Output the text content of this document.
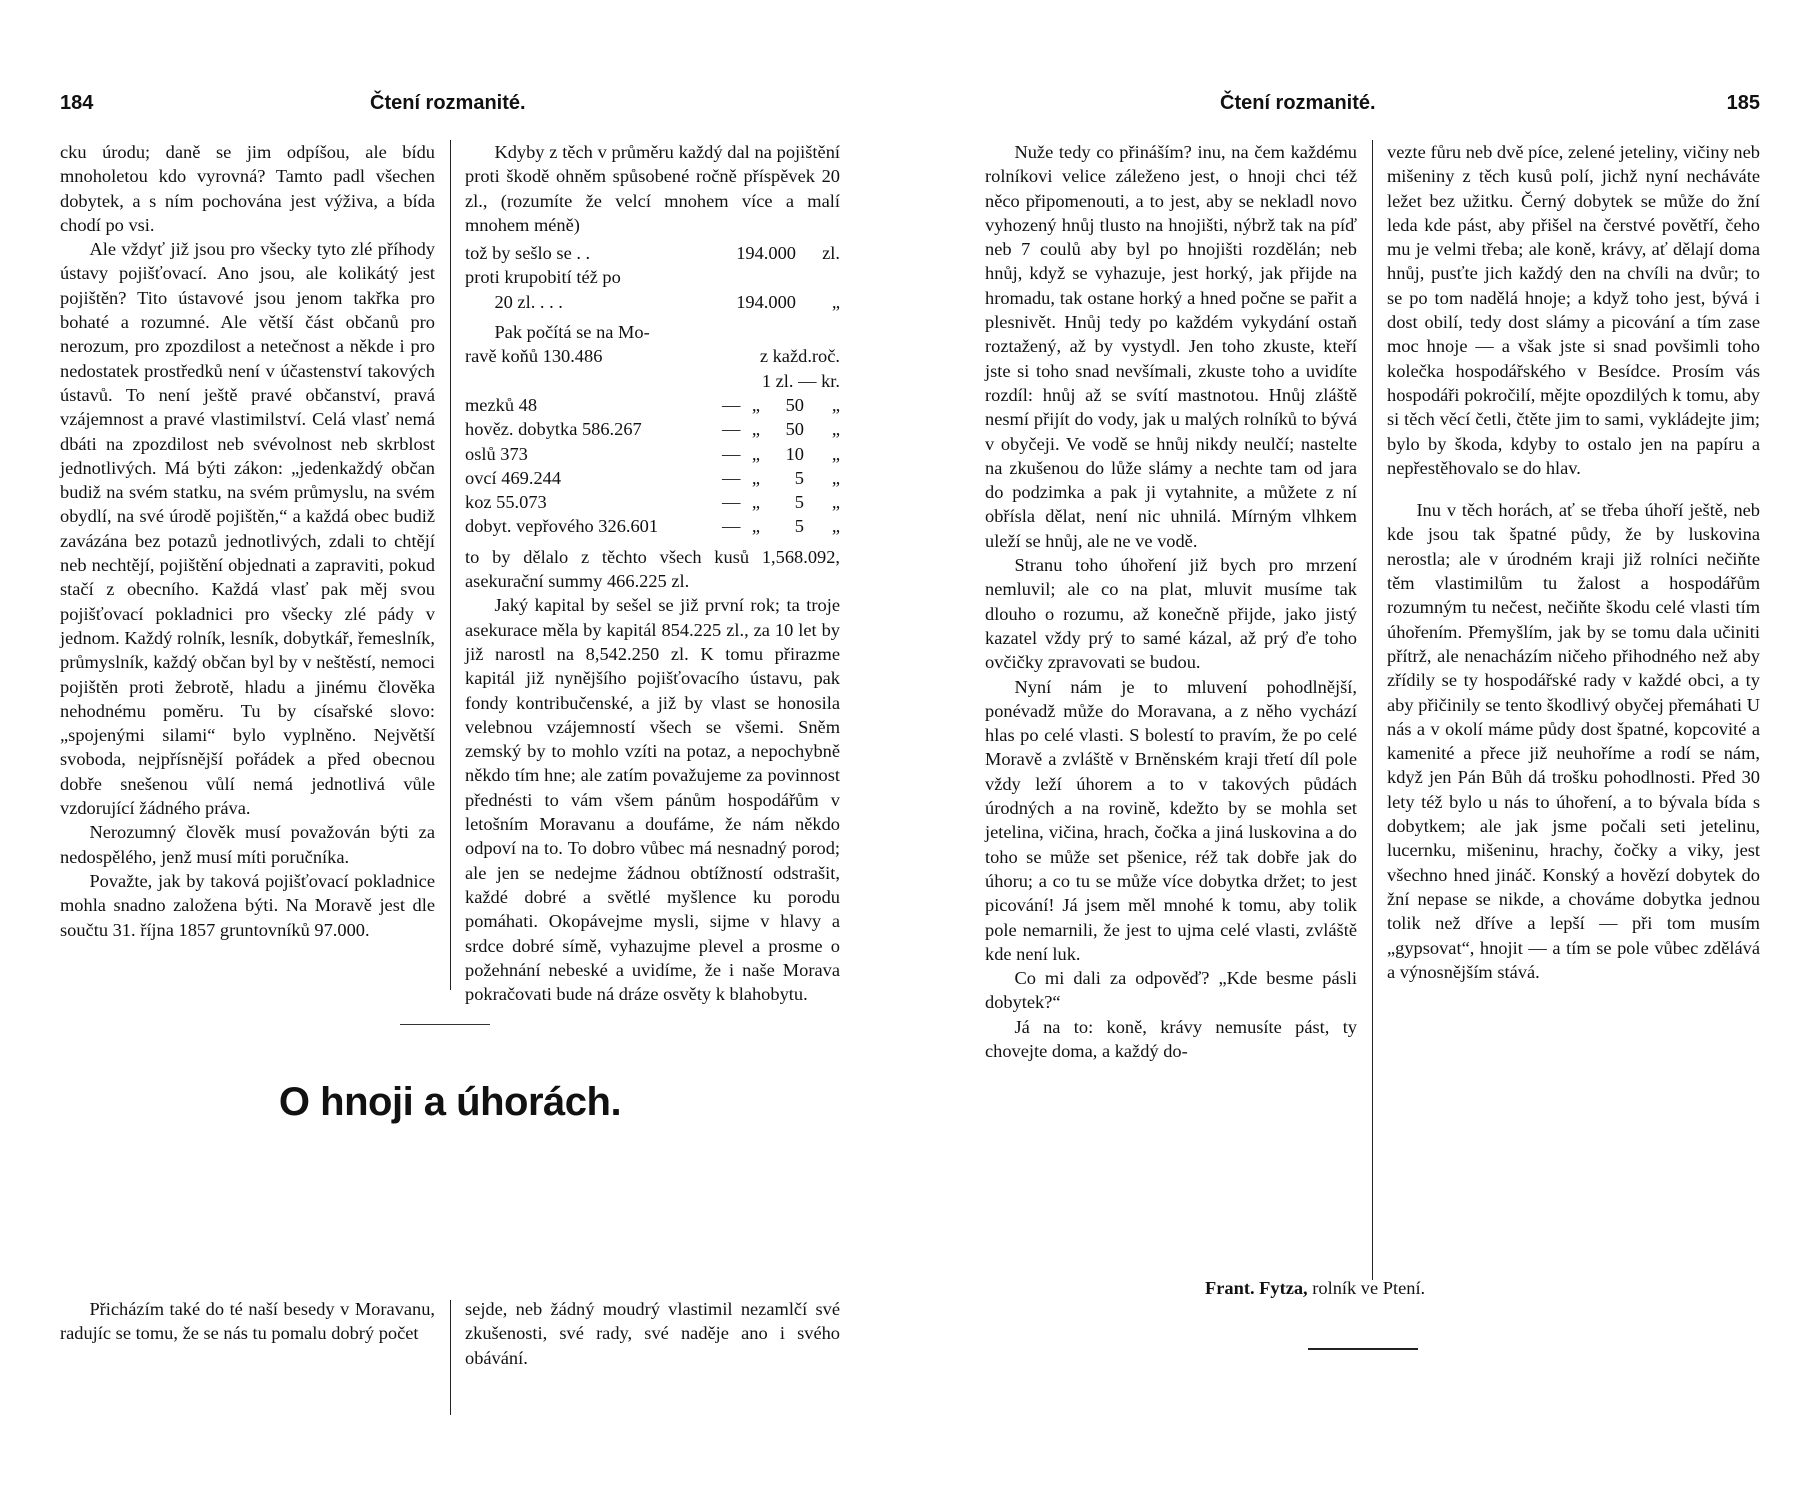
184	Čtení rozmanité.

cku úrodu; daně se jim odpíšou, ale bídu mnoholetou kdo vyrovná? Tamto padl všechen dobytek, a s ním pochována jest výživa, a bída chodí po vsi.

Ale vždyť již jsou pro všecky tyto zlé příhody ústavy pojišťovací. Ano jsou, ale kolikátý jest pojištěn? Tito ústavové jsou jenom takřka pro bohaté a rozumné. Ale větší část občanů pro nerozum, pro zpozdilost a netečnost a někde i pro nedostatek prostředků není v účastenství takových ústavů. To není ještě pravé občanství, pravá vzájemnost a pravé vlastimilství. Celá vlasť nemá dbáti na zpozdilost neb svévolnost neb skrblost jednotlivých. Má býti zákon: „jedenkaždý občan budiž na svém statku, na svém průmyslu, na svém obydlí, na své úrodě pojištěn,“ a každá obec budiž zavázána bez potazů jednotlivých, zdali to chtějí neb nechtějí, pojištění objednati a zapraviti, pokud stačí z obecního. Každá vlasť pak měj svou pojišťovací pokladnici pro všecky zlé pády v jednom. Každý rolník, lesník, dobytkář, řemeslník, průmyslník, každý občan byl by v neštěstí, nemoci pojištěn proti žebrotě, hladu a jinému člověka nehodnému poměru. Tu by císařské slovo: „spojenými silami“ bylo vyplněno. Největší svoboda, nejpřísnější pořádek a před obecnou dobře snešenou vůlí nemá jednotlivá vůle vzdorující žádného práva.

Nerozumný člověk musí považován býti za nedospělého, jenž musí míti poručníka.

Považte, jak by taková pojišťovací pokladnice mohla snadno založena býti. Na Moravě jest dle součtu 31. října 1857 gruntovníků 97.000.

Kdyby z těch v průměru každý dal na pojištění proti škodě ohněm spůsobené ročně příspěvek 20 zl., (rozumíte že velcí mnohem více a malí mnohem méně)

tož by sešlo se . .	194.000	zl.
proti krupobití též po
20 zl. . . .	194.000	„
Pak počítá se na Mo-
ravě koňů 130.486	z každ.roč.
1 zl. — kr.
mezků 48	— „	50	„
hověz. dobytka 586.267	— „	50	„
oslů 373	— „	10	„
ovcí 469.244	— „	5	„
koz 55.073	— „	5	„
dobyt. vepřového 326.601	— „	5	„

to by dělalo z těchto všech kusů 1,568.092, asekurační summy 466.225 zl.

Jaký kapital by sešel se již první rok; ta troje asekurace měla by kapitál 854.225 zl., za 10 let by již narostl na 8,542.250 zl. K tomu přirazme kapitál již nynějšího pojišťovacího ústavu, pak fondy kontribučenské, a již by vlast se honosila velebnou vzájemností všech se všemi. Sněm zemský by to mohlo vzíti na potaz, a nepochybně někdo tím hne; ale zatím považujeme za povinnost přednésti to vám všem pánům hospodářům v letošním Moravanu a doufáme, že nám někdo odpoví na to. To dobro vůbec má nesnadný porod; ale jen se nedejme žádnou obtížností odstrašit, každé dobré a světlé myšlence ku porodu pomáhati. Okopávejme mysli, sijme v hlavy a srdce dobré símě, vyhazujme plevel a prosme o požehnání nebeské a uvidíme, že i naše Morava pokračovati bude ná dráze osvěty k blahobytu.

O hnoji a úhorách.

Přicházím také do té naší besedy v Moravanu, radujíc se tomu, že se nás tu pomalu dobrý počet

sejde, neb žádný moudrý vlastimil nezamlčí své zkušenosti, své rady, své naděje ano i svého obávání.

Čtení rozmanité.	185

Nuže tedy co přináším? inu, na čem každému rolníkovi velice záleženo jest, o hnoji chci též něco připomenouti, a to jest, aby se nekladl novo vyhozený hnůj tlusto na hnojišti, nýbrž tak na píď neb 7 coulů aby byl po hnojišti rozdělán; neb hnůj, když se vyhazuje, jest horký, jak přijde na hromadu, tak ostane horký a hned počne se pařit a plesnivět. Hnůj tedy po každém vykydání ostaň roztažený, až by vystydl. Jen toho zkuste, kteří jste si toho snad nevšímali, zkuste toho a uvidíte rozdíl: hnůj až se svítí mastnotou. Hnůj zláště nesmí přijít do vody, jak u malých rolníků to bývá v obyčeji. Ve vodě se hnůj nikdy neulčí; nastelte na zkušenou do lůže slámy a nechte tam od jara do podzimka a pak ji vytahnite, a můžete z ní obřísla dělat, není nic uhnilá. Mírným vlhkem uleží se hnůj, ale ne ve vodě.

Stranu toho úhoření již bych pro mrzení nemluvil; ale co na plat, mluvit musíme tak dlouho o rozumu, až konečně přijde, jako jistý kazatel vždy prý to samé kázal, až prý ďe toho ovčičky zpravovati se budou.

Nyní nám je to mluvení pohodlnější, ponévadž může do Moravana, a z něho vychází hlas po celé vlasti. S bolestí to pravím, že po celé Moravě a zvláště v Brněnském kraji třetí díl pole vždy leží úhorem a to v takových půdách úrodných a na rovině, kdežto by se mohla set jetelina, vičina, hrach, čočka a jiná luskovina a do toho se může set pšenice, réž tak dobře jak do úhoru; a co tu se může více dobytka držet; to jest picování! Já jsem měl mnohé k tomu, aby tolik pole nemarnili, že jest to ujma celé vlasti, zvláště kde není luk.

Co mi dali za odpověď? „Kde besme pásli dobytek?“

Já na to: koně, krávy nemusíte pást, ty chovejte doma, a každý do-

vezte fůru neb dvě píce, zelené jeteliny, vičiny neb mišeniny z těch kusů polí, jichž nyní necháváte ležet bez užitku. Černý dobytek se může do žní leda kde pást, aby přišel na čerstvé povětří, čeho mu je velmi třeba; ale koně, krávy, ať dělají doma hnůj, pusťte jich každý den na chvíli na dvůr; to se po tom nadělá hnoje; a když toho jest, bývá i dost obilí, tedy dost slámy a picování a tím zase moc hnoje — a však jste si snad povšimli toho kolečka hospodářského v Besídce. Prosím vás hospodáři pokročilí, mějte opozdilých k tomu, aby si těch věcí četli, čtěte jim to sami, vykládejte jim; bylo by škoda, kdyby to ostalo jen na papíru a nepřestěhovalo se do hlav.

Inu v těch horách, ať se třeba úhoří ještě, neb kde jsou tak špatné půdy, že by luskovina nerostla; ale v úrodném kraji již rolníci nečiňte těm vlastimilům tu žalost a hospodářům rozumným tu nečest, nečiňte škodu celé vlasti tím úhořením. Přemyšlím, jak by se tomu dala učiniti přítrž, ale nenacházím ničeho přihodného než aby zřídily se ty hospodářské rady v každé obci, a ty aby přičinily se tento škodlivý obyčej přemáhati U nás a v okolí máme půdy dost špatné, kopcovité a kamenité a přece již neuhoříme a rodí se nám, když jen Pán Bůh dá trošku pohodlnosti. Před 30 lety též bylo u nás to úhoření, a to bývala bída s dobytkem; ale jak jsme počali seti jetelinu, lucernku, mišeninu, hrachy, čočky a viky, jest všechno hned jináč. Konský a hovězí dobytek do žní nepase se nikde, a chováme dobytka jednou tolik než dříve a lepší — při tom musím „gypsovat“, hnojit — a tím se pole vůbec zdělává a výnosnějším stává.

Frant. Fytza, rolník ve Ptení.
